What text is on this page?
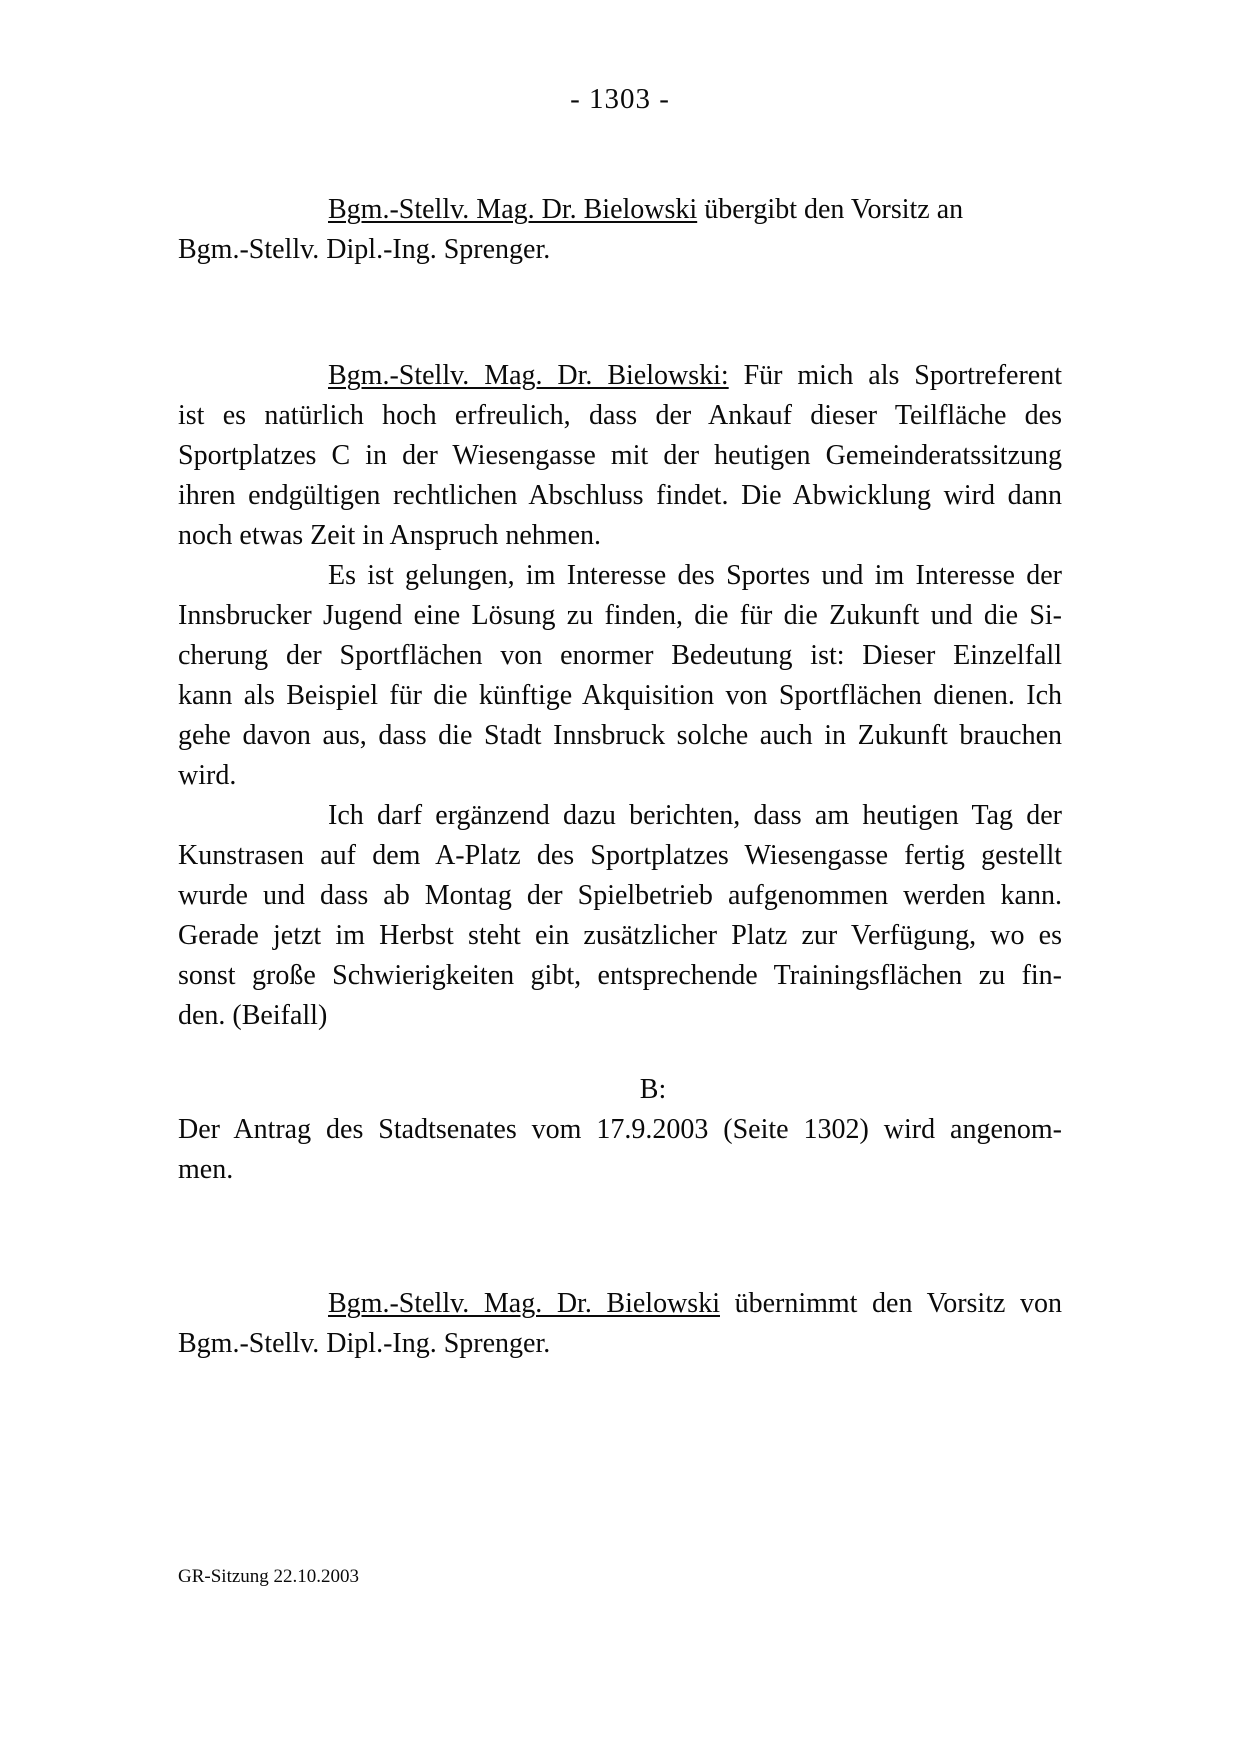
- 1303 -
Bgm.-Stellv. Mag. Dr. Bielowski übergibt den Vorsitz an
Bgm.-Stellv. Dipl.-Ing. Sprenger.
Bgm.-Stellv. Mag. Dr. Bielowski: Für mich als Sportreferent
ist es natürlich hoch erfreulich, dass der Ankauf dieser Teilfläche des
Sportplatzes C in der Wiesengasse mit der heutigen Gemeinderatssitzung
ihren endgültigen rechtlichen Abschluss findet. Die Abwicklung wird dann
noch etwas Zeit in Anspruch nehmen.
Es ist gelungen, im Interesse des Sportes und im Interesse der
Innsbrucker Jugend eine Lösung zu finden, die für die Zukunft und die Si-
cherung der Sportflächen von enormer Bedeutung ist: Dieser Einzelfall
kann als Beispiel für die künftige Akquisition von Sportflächen dienen. Ich
gehe davon aus, dass die Stadt Innsbruck solche auch in Zukunft brauchen
wird.
Ich darf ergänzend dazu berichten, dass am heutigen Tag der
Kunstrasen auf dem A-Platz des Sportplatzes Wiesengasse fertig gestellt
wurde und dass ab Montag der Spielbetrieb aufgenommen werden kann.
Gerade jetzt im Herbst steht ein zusätzlicher Platz zur Verfügung, wo es
sonst große Schwierigkeiten gibt, entsprechende Trainingsflächen zu fin-
den. (Beifall)
B:
Der Antrag des Stadtsenates vom 17.9.2003 (Seite 1302) wird angenom-
men.
Bgm.-Stellv. Mag. Dr. Bielowski übernimmt den Vorsitz von
Bgm.-Stellv. Dipl.-Ing. Sprenger.
GR-Sitzung 22.10.2003
